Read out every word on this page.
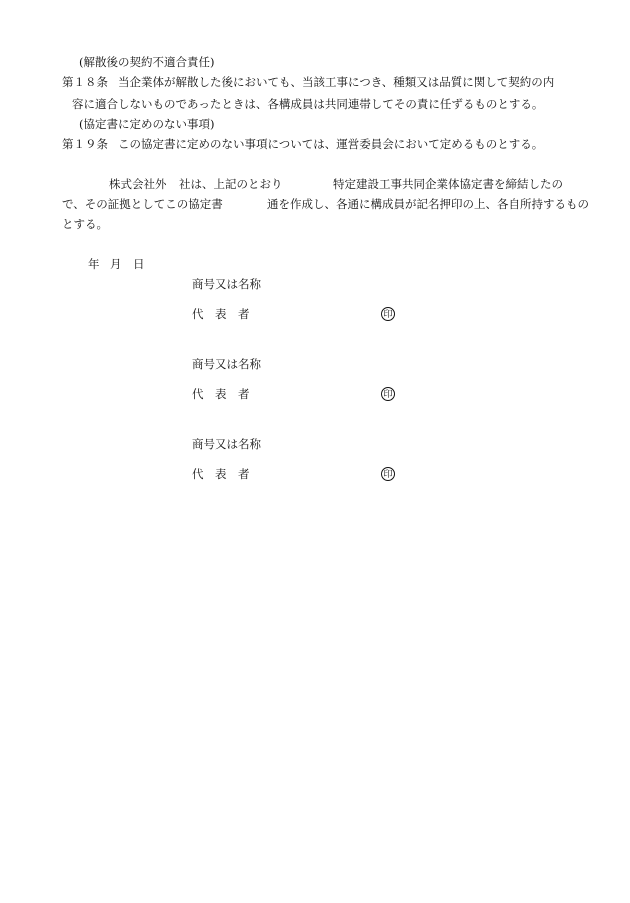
(解散後の契約不適合責任)
第１８条 当企業体が解散した後においても、当該工事につき、種類又は品質に関して契約の内
容に適合しないものであったときは、各構成員は共同連帯してその責に任ずるものとする。
(協定書に定めのない事項)
第１９条 この協定書に定めのない事項については、運営委員会において定めるものとする。
株式会社外 社は、上記のとおり	特定建設工事共同企業体協定書を締結したの
で、その証拠としてこの協定書	通を作成し、各通に構成員が記名押印の上、各自所持するもの
とする。
年 月 日
商号又は名称
代　表　者	印
商号又は名称
代　表　者	印
商号又は名称
代　表　者	印
